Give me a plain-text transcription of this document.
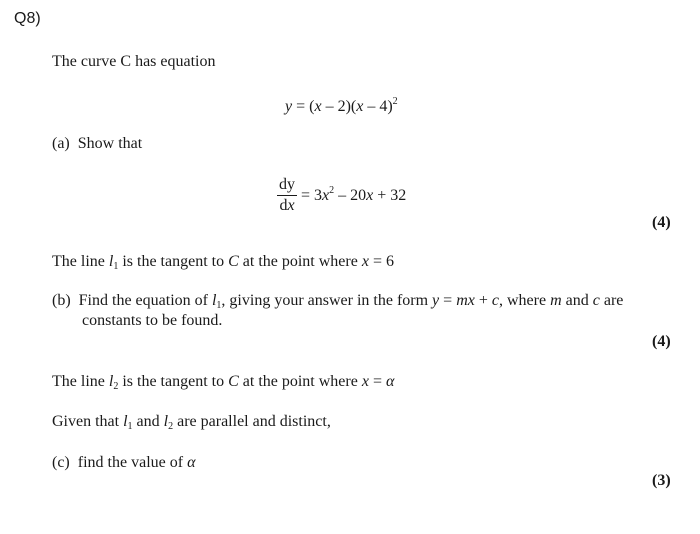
Q8)
The curve C has equation
y = (x – 2)(x – 4)$^2$
(a) Show that
$\frac{dy}{dx} = 3x^2 - 20x + 32$
(4)
The line $l_1$ is the tangent to C at the point where x = 6
(b) Find the equation of $l_1$, giving your answer in the form y = mx + c, where m and c are
constants to be found.
(4)
The line $l_2$ is the tangent to C at the point where x = α
Given that $l_1$ and $l_2$ are parallel and distinct,
(c) find the value of α
(3)
